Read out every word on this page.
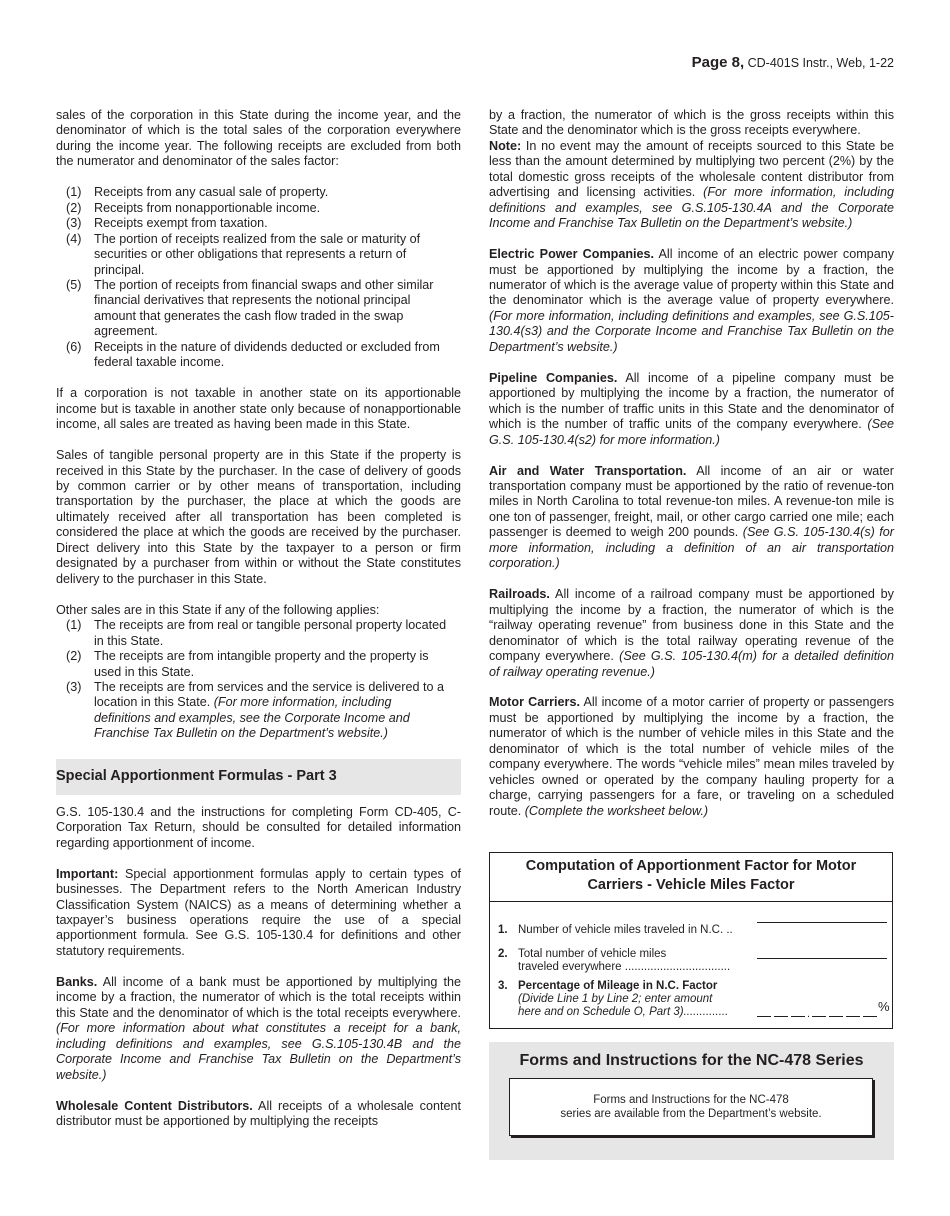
Page 8, CD-401S Instr., Web, 1-22

sales of the corporation in this State during the income year, and the denominator of which is the total sales of the corporation everywhere during the income year. The following receipts are excluded from both the numerator and denominator of the sales factor:

(1) Receipts from any casual sale of property.
(2) Receipts from nonapportionable income.
(3) Receipts exempt from taxation.
(4) The portion of receipts realized from the sale or maturity of securities or other obligations that represents a return of principal.
(5) The portion of receipts from financial swaps and other similar financial derivatives that represents the notional principal amount that generates the cash flow traded in the swap agreement.
(6) Receipts in the nature of dividends deducted or excluded from federal taxable income.

If a corporation is not taxable in another state on its apportionable income but is taxable in another state only because of nonapportionable income, all sales are treated as having been made in this State.

Sales of tangible personal property are in this State if the property is received in this State by the purchaser. In the case of delivery of goods by common carrier or by other means of transportation, including transportation by the purchaser, the place at which the goods are ultimately received after all transportation has been completed is considered the place at which the goods are received by the purchaser. Direct delivery into this State by the taxpayer to a person or firm designated by a purchaser from within or without the State constitutes delivery to the purchaser in this State.

Other sales are in this State if any of the following applies:

(1) The receipts are from real or tangible personal property located in this State.
(2) The receipts are from intangible property and the property is used in this State.
(3) The receipts are from services and the service is delivered to a location in this State. (For more information, including definitions and examples, see the Corporate Income and Franchise Tax Bulletin on the Department’s website.)
Special Apportionment Formulas - Part 3

G.S. 105-130.4 and the instructions for completing Form CD-405, C-Corporation Tax Return, should be consulted for detailed information regarding apportionment of income.

Important: Special apportionment formulas apply to certain types of businesses. The Department refers to the North American Industry Classification System (NAICS) as a means of determining whether a taxpayer’s business operations require the use of a special apportionment formula. See G.S. 105-130.4 for definitions and other statutory requirements.

Banks. All income of a bank must be apportioned by multiplying the income by a fraction, the numerator of which is the total receipts within this State and the denominator of which is the total receipts everywhere. (For more information about what constitutes a receipt for a bank, including definitions and examples, see G.S.105-130.4B and the Corporate Income and Franchise Tax Bulletin on the Department’s website.)

Wholesale Content Distributors. All receipts of a wholesale content distributor must be apportioned by multiplying the receipts

by a fraction, the numerator of which is the gross receipts within this State and the denominator which is the gross receipts everywhere.

Note: In no event may the amount of receipts sourced to this State be less than the amount determined by multiplying two percent (2%) by the total domestic gross receipts of the wholesale content distributor from advertising and licensing activities. (For more information, including definitions and examples, see G.S.105-130.4A and the Corporate Income and Franchise Tax Bulletin on the Department’s website.)

Electric Power Companies. All income of an electric power company must be apportioned by multiplying the income by a fraction, the numerator of which is the average value of property within this State and the denominator which is the average value of property everywhere. (For more information, including definitions and examples, see G.S.105-130.4(s3) and the Corporate Income and Franchise Tax Bulletin on the Department’s website.)

Pipeline Companies. All income of a pipeline company must be apportioned by multiplying the income by a fraction, the numerator of which is the number of traffic units in this State and the denominator of which is the number of traffic units of the company everywhere. (See G.S. 105-130.4(s2) for more information.)

Air and Water Transportation. All income of an air or water transportation company must be apportioned by the ratio of revenue-ton miles in North Carolina to total revenue-ton miles. A revenue-ton mile is one ton of passenger, freight, mail, or other cargo carried one mile; each passenger is deemed to weigh 200 pounds. (See G.S. 105-130.4(s) for more information, including a definition of an air transportation corporation.)

Railroads. All income of a railroad company must be apportioned by multiplying the income by a fraction, the numerator of which is the “railway operating revenue” from business done in this State and the denominator of which is the total railway operating revenue of the company everywhere. (See G.S. 105-130.4(m) for a detailed definition of railway operating revenue.)

Motor Carriers. All income of a motor carrier of property or passengers must be apportioned by multiplying the income by a fraction, the numerator of which is the number of vehicle miles in this State and the denominator of which is the total number of vehicle miles of the company everywhere. The words “vehicle miles” mean miles traveled by vehicles owned or operated by the company hauling property for a charge, carrying passengers for a fare, or traveling on a scheduled route. (Complete the worksheet below.)

Computation of Apportionment Factor for Motor Carriers - Vehicle Miles Factor
1. Number of vehicle miles traveled in N.C. ..
2. Total number of vehicle miles
traveled everywhere .................................
3. Percentage of Mileage in N.C. Factor
(Divide Line 1 by Line 2; enter amount
here and on Schedule O, Part 3)..............	.	%
Forms and Instructions for the NC-478 Series
Forms and Instructions for the NC-478
series are available from the Department’s website.
